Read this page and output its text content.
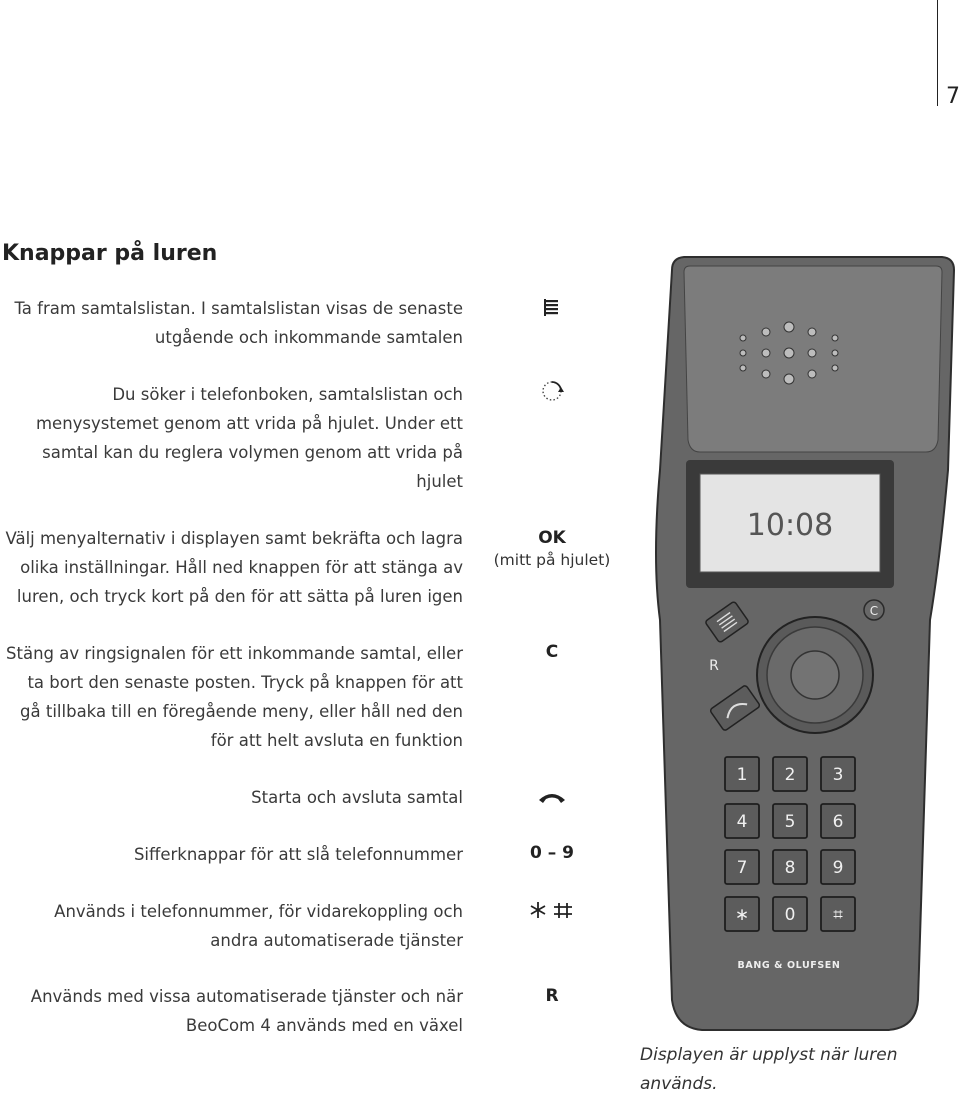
7
Knappar på luren
Ta fram samtalslistan. I samtalslistan visas de senaste
utgående och inkommande samtalen
Du söker i telefonboken, samtalslistan och
menysystemet genom att vrida på hjulet. Under ett
samtal kan du reglera volymen genom att vrida på
hjulet
Välj menyalternativ i displayen samt bekräfta och lagra
olika inställningar. Håll ned knappen för att stänga av
luren, och tryck kort på den för att sätta på luren igen
OK
(mitt på hjulet)
Stäng av ringsignalen för ett inkommande samtal, eller
ta bort den senaste posten. Tryck på knappen för att
gå tillbaka till en föregående meny, eller håll ned den
för att helt avsluta en funktion
C
Starta och avsluta samtal
Sifferknappar för att slå telefonnummer	0 – 9
Används i telefonnummer, för vidarekoppling och
andra automatiserade tjänster
Används med vissa automatiserade tjänster och när
BeoCom 4 används med en växel
R
10:08
C
R
1 2 3
4 5 6
7 8 9
∗ 0 ⌗
BANG & OLUFSEN
Displayen är upplyst när luren
används.
